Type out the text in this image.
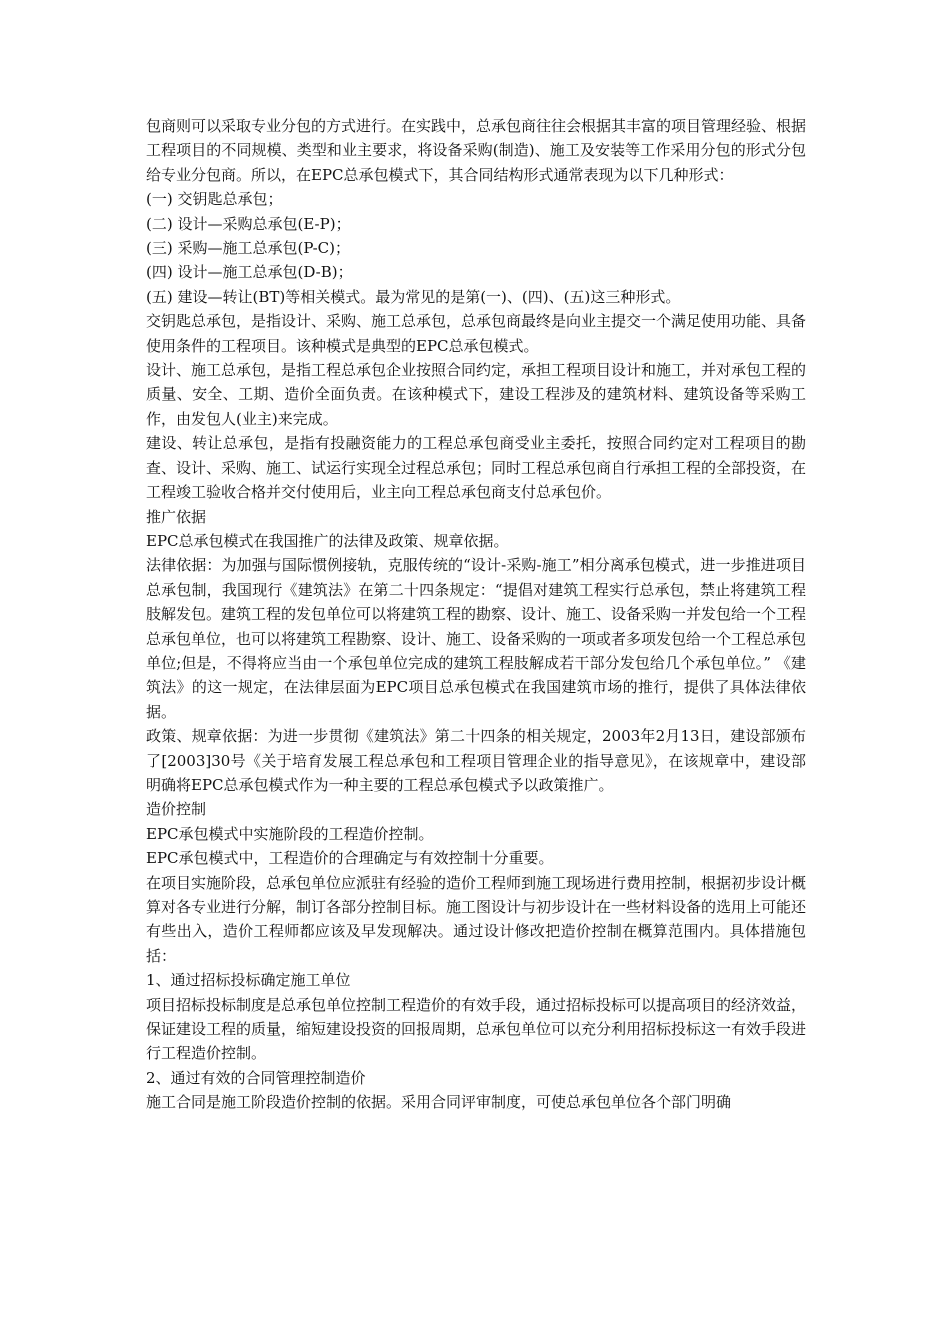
包商则可以采取专业分包的方式进行。在实践中，总承包商往往会根据其丰富的项目管理经验、根据工程项目的不同规模、类型和业主要求，将设备采购(制造)、施工及安装等工作采用分包的形式分包给专业分包商。所以，在EPC总承包模式下，其合同结构形式通常表现为以下几种形式：

(一) 交钥匙总承包；

(二) 设计—采购总承包(E-P)；

(三) 采购—施工总承包(P-C)；

(四) 设计—施工总承包(D-B)；

(五) 建设—转让(BT)等相关模式。最为常见的是第(一)、(四)、(五)这三种形式。

交钥匙总承包，是指设计、采购、施工总承包，总承包商最终是向业主提交一个满足使用功能、具备使用条件的工程项目。该种模式是典型的EPC总承包模式。

设计、施工总承包，是指工程总承包企业按照合同约定，承担工程项目设计和施工，并对承包工程的质量、安全、工期、造价全面负责。在该种模式下，建设工程涉及的建筑材料、建筑设备等采购工作，由发包人(业主)来完成。

建设、转让总承包，是指有投融资能力的工程总承包商受业主委托，按照合同约定对工程项目的勘查、设计、采购、施工、试运行实现全过程总承包；同时工程总承包商自行承担工程的全部投资，在工程竣工验收合格并交付使用后，业主向工程总承包商支付总承包价。

推广依据

EPC总承包模式在我国推广的法律及政策、规章依据。

法律依据：为加强与国际惯例接轨，克服传统的“设计-采购-施工”相分离承包模式，进一步推进项目总承包制，我国现行《建筑法》在第二十四条规定：“提倡对建筑工程实行总承包，禁止将建筑工程肢解发包。建筑工程的发包单位可以将建筑工程的勘察、设计、施工、设备采购一并发包给一个工程总承包单位，也可以将建筑工程勘察、设计、施工、设备采购的一项或者多项发包给一个工程总承包单位;但是，不得将应当由一个承包单位完成的建筑工程肢解成若干部分发包给几个承包单位。” 《建筑法》的这一规定，在法律层面为EPC项目总承包模式在我国建筑市场的推行，提供了具体法律依据。

政策、规章依据：为进一步贯彻《建筑法》第二十四条的相关规定，2003年2月13日，建设部颁布了[2003]30号《关于培育发展工程总承包和工程项目管理企业的指导意见》，在该规章中，建设部明确将EPC总承包模式作为一种主要的工程总承包模式予以政策推广。

造价控制

EPC承包模式中实施阶段的工程造价控制。

EPC承包模式中，工程造价的合理确定与有效控制十分重要。

在项目实施阶段，总承包单位应派驻有经验的造价工程师到施工现场进行费用控制，根据初步设计概算对各专业进行分解，制订各部分控制目标。施工图设计与初步设计在一些材料设备的选用上可能还有些出入，造价工程师都应该及早发现解决。通过设计修改把造价控制在概算范围内。具体措施包括：

1、通过招标投标确定施工单位

项目招标投标制度是总承包单位控制工程造价的有效手段，通过招标投标可以提高项目的经济效益，保证建设工程的质量，缩短建设投资的回报周期，总承包单位可以充分利用招标投标这一有效手段进行工程造价控制。

2、通过有效的合同管理控制造价

施工合同是施工阶段造价控制的依据。采用合同评审制度，可使总承包单位各个部门明确
